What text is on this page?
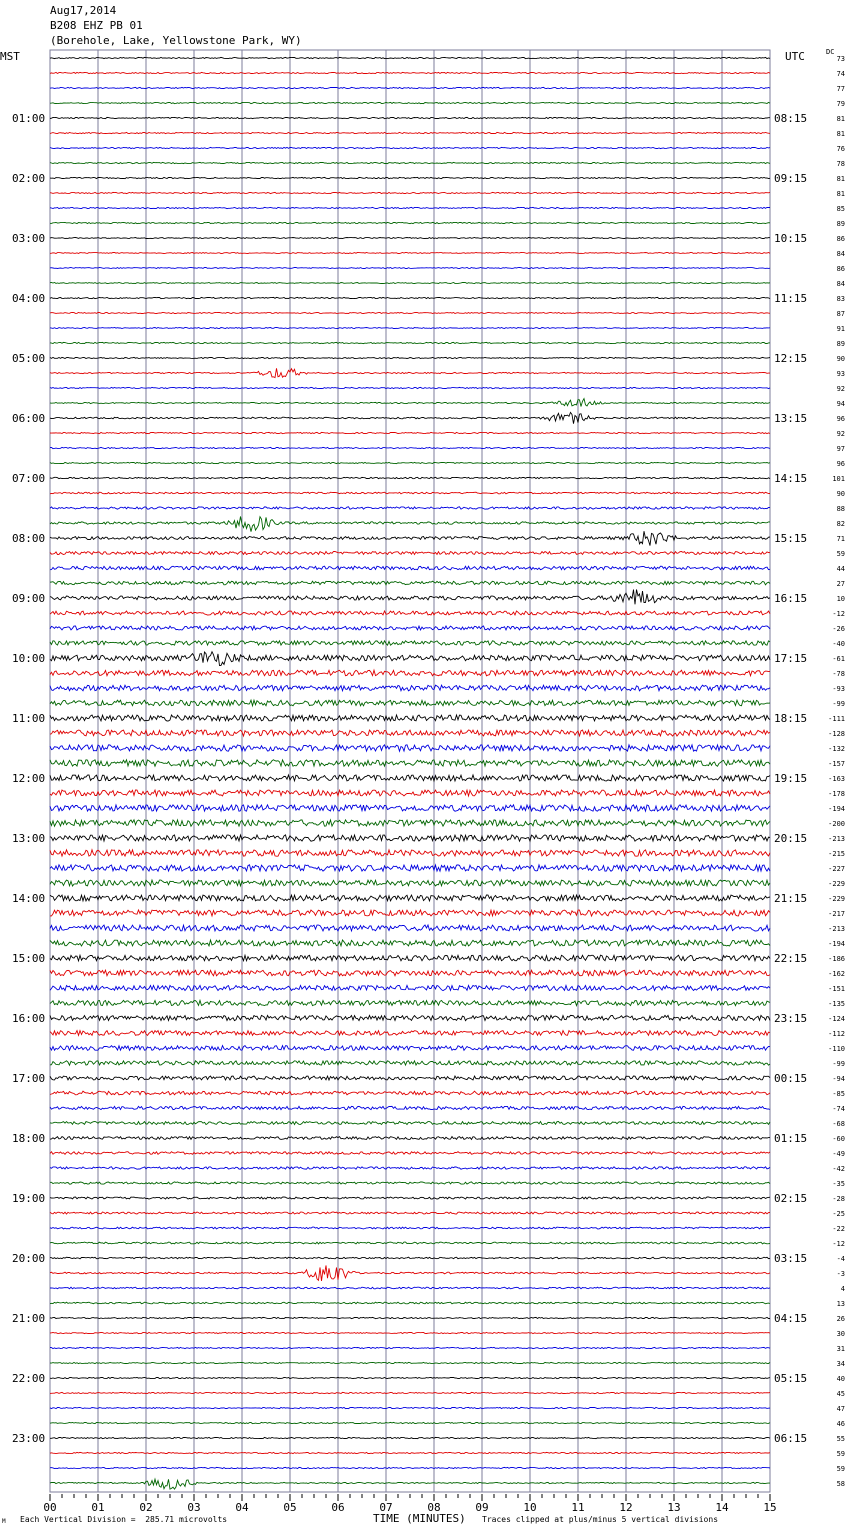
01:00	08:15
02:00	09:15
03:00	10:15
04:00	11:15
05:00	12:15
06:00	13:15
07:00	14:15
08:00	15:15
09:00	16:15
10:00	17:15
11:00	18:15
12:00	19:15
13:00	20:15
14:00	21:15
15:00	22:15
16:00	23:15
17:00	00:15
18:00	01:15
19:00	02:15
20:00	03:15
21:00	04:15
22:00	05:15
23:00	06:15
00	01	02	03	04	05	06	07	08	09	10	11	12	13	14	15
73
74
77
79
81
81
76
78
81
81
85
89
86
84
86
84
83
87
91
89
90
93
92
94
96
92
97
96
101
90
88
82
71
59
44
27
10
-12
-26
-40
-61
-78
-93
-99
-111
-128
-132
-157
-163
-178
-194
-200
-213
-215
-227
-229
-229
-217
-213
-194
-186
-162
-151
-135
-124
-112
-110
-99
-94
-85
-74
-68
-60
-49
-42
-35
-28
-25
-22
-12
-4
-3
4
13
26
30
31
34
40
45
47
46
55
59
59
58
Aug17,2014
B208 EHZ PB 01
(Borehole, Lake, Yellowstone Park, WY)
MST	UTC	DC
M Each Vertical Division =  285.71 microvolts	TIME (MINUTES) Traces clipped at plus/minus 5 vertical divisions
